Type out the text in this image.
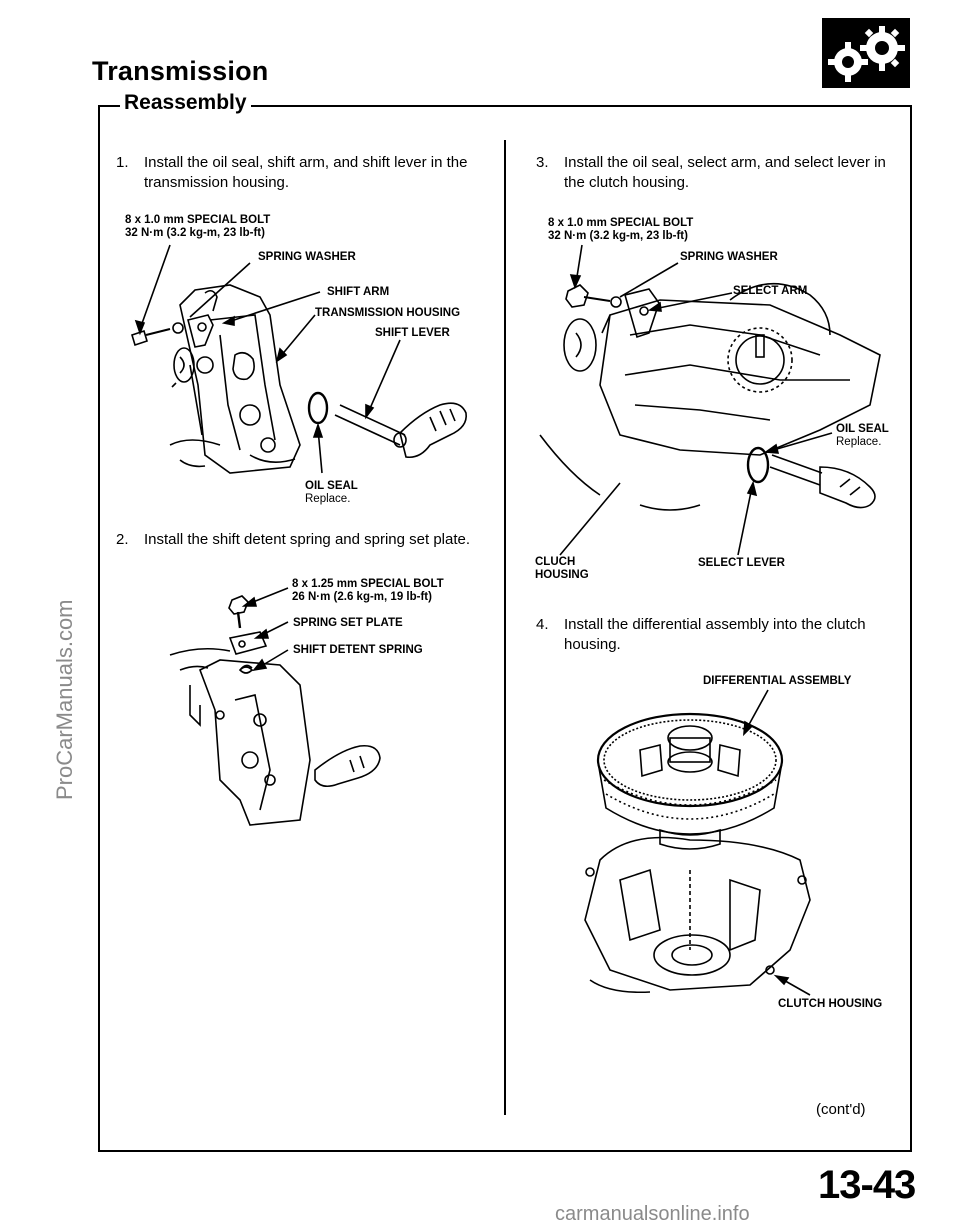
Transmission
Reassembly
1. Install the oil seal, shift arm, and shift lever in the
transmission housing.
8 x 1.0 mm SPECIAL BOLT
32 N·m (3.2 kg-m, 23 lb-ft)
SPRING WASHER
SHIFT ARM
TRANSMISSION HOUSING
SHIFT LEVER
OIL SEAL
Replace.
2. Install the shift detent spring and spring set plate.
8 x 1.25 mm SPECIAL BOLT
26 N·m (2.6 kg-m, 19 lb-ft)
SPRING SET PLATE
SHIFT DETENT SPRING
3. Install the oil seal, select arm, and select lever in
the clutch housing.
8 x 1.0 mm SPECIAL BOLT
32 N·m (3.2 kg-m, 23 lb-ft)
SPRING WASHER
SELECT ARM
OIL SEAL
Replace.
CLUCH
HOUSING
SELECT LEVER
4. Install the differential assembly into the clutch
housing.
DIFFERENTIAL ASSEMBLY
CLUTCH HOUSING
(cont'd)
13-43
ProCarManuals.com
carmanualsonline.info
